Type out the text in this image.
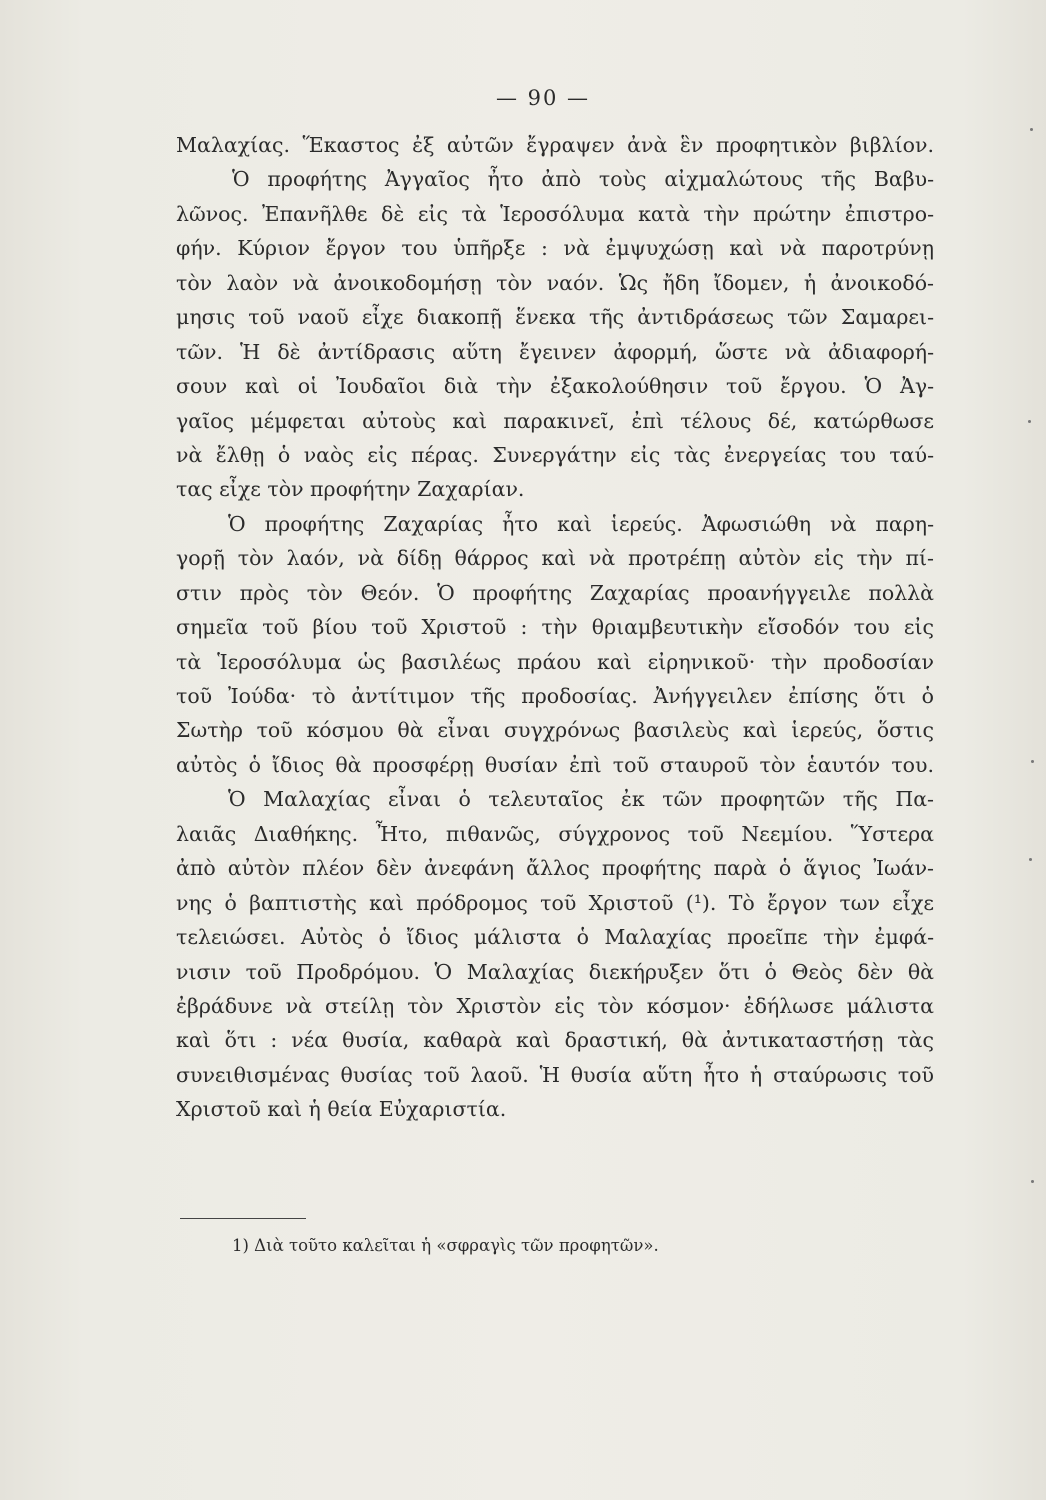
— 90 —
Μαλαχίας. Ἕκαστος ἐξ αὐτῶν ἔγραψεν ἀνὰ ἓν προφητικὸν βιβλίον.
Ὁ προφήτης Ἀγγαῖος ἦτο ἀπὸ τοὺς αἰχμαλώτους τῆς Βαβυ-
λῶνος. Ἐπανῆλθε δὲ εἰς τὰ Ἱεροσόλυμα κατὰ τὴν πρώτην ἐπιστρο-
φήν. Κύριον ἔργον του ὑπῆρξε : νὰ ἐμψυχώσῃ καὶ νὰ παροτρύνῃ
τὸν λαὸν νὰ ἀνοικοδομήσῃ τὸν ναόν. Ὡς ἤδη ἴδομεν, ἡ ἀνοικοδό-
μησις τοῦ ναοῦ εἶχε διακοπῇ ἕνεκα τῆς ἀντιδράσεως τῶν Σαμαρει-
τῶν. Ἡ δὲ ἀντίδρασις αὕτη ἔγεινεν ἀφορμή, ὥστε νὰ ἀδιαφορή-
σουν καὶ οἱ Ἰουδαῖοι διὰ τὴν ἐξακολούθησιν τοῦ ἔργου. Ὁ Ἀγ-
γαῖος μέμφεται αὐτοὺς καὶ παρακινεῖ, ἐπὶ τέλους δέ, κατώρθωσε
νὰ ἔλθῃ ὁ ναὸς εἰς πέρας. Συνεργάτην εἰς τὰς ἐνεργείας του ταύ-
τας εἶχε τὸν προφήτην Ζαχαρίαν.
Ὁ προφήτης Ζαχαρίας ἦτο καὶ ἱερεύς. Ἀφωσιώθη νὰ παρη-
γορῇ τὸν λαόν, νὰ δίδῃ θάρρος καὶ νὰ προτρέπῃ αὐτὸν εἰς τὴν πί-
στιν πρὸς τὸν Θεόν. Ὁ προφήτης Ζαχαρίας προανήγγειλε πολλὰ
σημεῖα τοῦ βίου τοῦ Χριστοῦ : τὴν θριαμβευτικὴν εἴσοδόν του εἰς
τὰ Ἱεροσόλυμα ὡς βασιλέως πράου καὶ εἰρηνικοῦ· τὴν προδοσίαν
τοῦ Ἰούδα· τὸ ἀντίτιμον τῆς προδοσίας. Ἀνήγγειλεν ἐπίσης ὅτι ὁ
Σωτὴρ τοῦ κόσμου θὰ εἶναι συγχρόνως βασιλεὺς καὶ ἱερεύς, ὅστις
αὐτὸς ὁ ἴδιος θὰ προσφέρῃ θυσίαν ἐπὶ τοῦ σταυροῦ τὸν ἑαυτόν του.
Ὁ Μαλαχίας εἶναι ὁ τελευταῖος ἐκ τῶν προφητῶν τῆς Πα-
λαιᾶς Διαθήκης. Ἦτο, πιθανῶς, σύγχρονος τοῦ Νεεμίου. Ὕστερα
ἀπὸ αὐτὸν πλέον δὲν ἀνεφάνη ἄλλος προφήτης παρὰ ὁ ἅγιος Ἰωάν-
νης ὁ βαπτιστὴς καὶ πρόδρομος τοῦ Χριστοῦ (¹). Τὸ ἔργον των εἶχε
τελειώσει. Αὐτὸς ὁ ἴδιος μάλιστα ὁ Μαλαχίας προεῖπε τὴν ἐμφά-
νισιν τοῦ Προδρόμου. Ὁ Μαλαχίας διεκήρυξεν ὅτι ὁ Θεὸς δὲν θὰ
ἐβράδυνε νὰ στείλῃ τὸν Χριστὸν εἰς τὸν κόσμον· ἐδήλωσε μάλιστα
καὶ ὅτι : νέα θυσία, καθαρὰ καὶ δραστική, θὰ ἀντικαταστήσῃ τὰς
συνειθισμένας θυσίας τοῦ λαοῦ. Ἡ θυσία αὕτη ἦτο ἡ σταύρωσις τοῦ
Χριστοῦ καὶ ἡ θεία Εὐχαριστία.
1) Διὰ τοῦτο καλεῖται ἡ «σφραγὶς τῶν προφητῶν».
